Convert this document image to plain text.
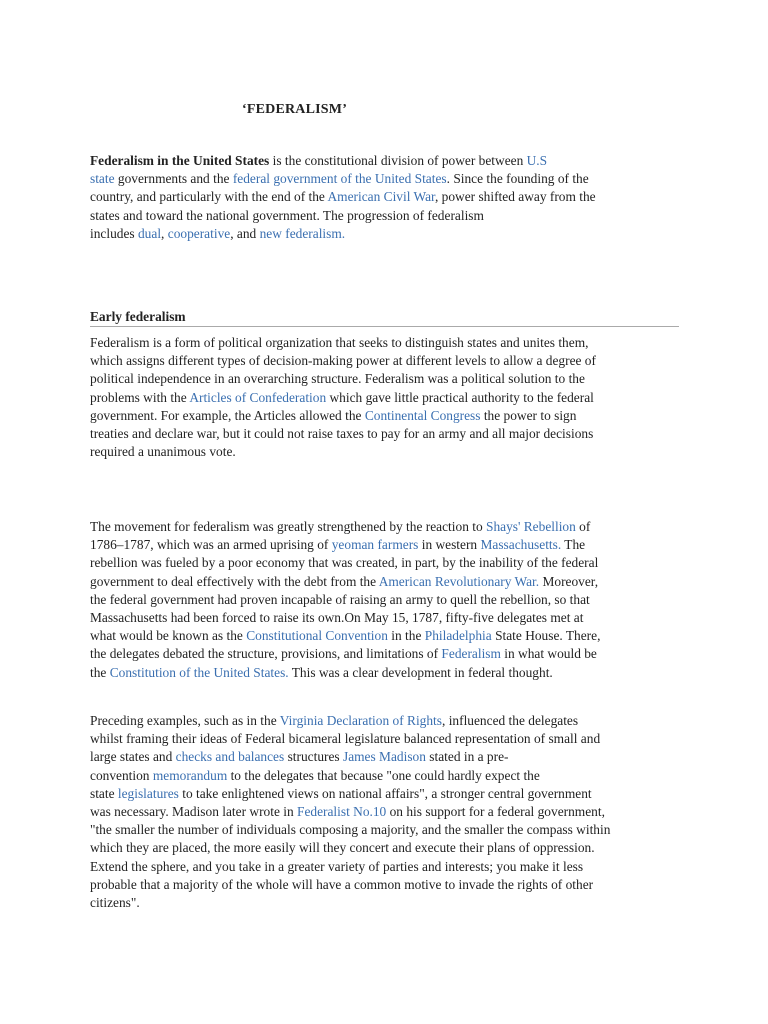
‘FEDERALISM’

Federalism in the United States is the constitutional division of power between U.S
state governments and the federal government of the United States. Since the founding of the
country, and particularly with the end of the American Civil War, power shifted away from the
states and toward the national government. The progression of federalism
includes dual, cooperative, and new federalism.

Early federalism

Federalism is a form of political organization that seeks to distinguish states and unites them,
which assigns different types of decision-making power at different levels to allow a degree of
political independence in an overarching structure. Federalism was a political solution to the
problems with the Articles of Confederation which gave little practical authority to the federal
government. For example, the Articles allowed the Continental Congress the power to sign
treaties and declare war, but it could not raise taxes to pay for an army and all major decisions
required a unanimous vote.

The movement for federalism was greatly strengthened by the reaction to Shays' Rebellion of
1786–1787, which was an armed uprising of yeoman farmers in western Massachusetts. The
rebellion was fueled by a poor economy that was created, in part, by the inability of the federal
government to deal effectively with the debt from the American Revolutionary War. Moreover,
the federal government had proven incapable of raising an army to quell the rebellion, so that
Massachusetts had been forced to raise its own.On May 15, 1787, fifty-five delegates met at
what would be known as the Constitutional Convention in the Philadelphia State House. There,
the delegates debated the structure, provisions, and limitations of Federalism in what would be
the Constitution of the United States. This was a clear development in federal thought.

Preceding examples, such as in the Virginia Declaration of Rights, influenced the delegates
whilst framing their ideas of Federal bicameral legislature balanced representation of small and
large states and checks and balances structures James Madison stated in a pre-
convention memorandum to the delegates that because "one could hardly expect the
state legislatures to take enlightened views on national affairs", a stronger central government
was necessary. Madison later wrote in Federalist No.10 on his support for a federal government,
"the smaller the number of individuals composing a majority, and the smaller the compass within
which they are placed, the more easily will they concert and execute their plans of oppression.
Extend the sphere, and you take in a greater variety of parties and interests; you make it less
probable that a majority of the whole will have a common motive to invade the rights of other
citizens".
